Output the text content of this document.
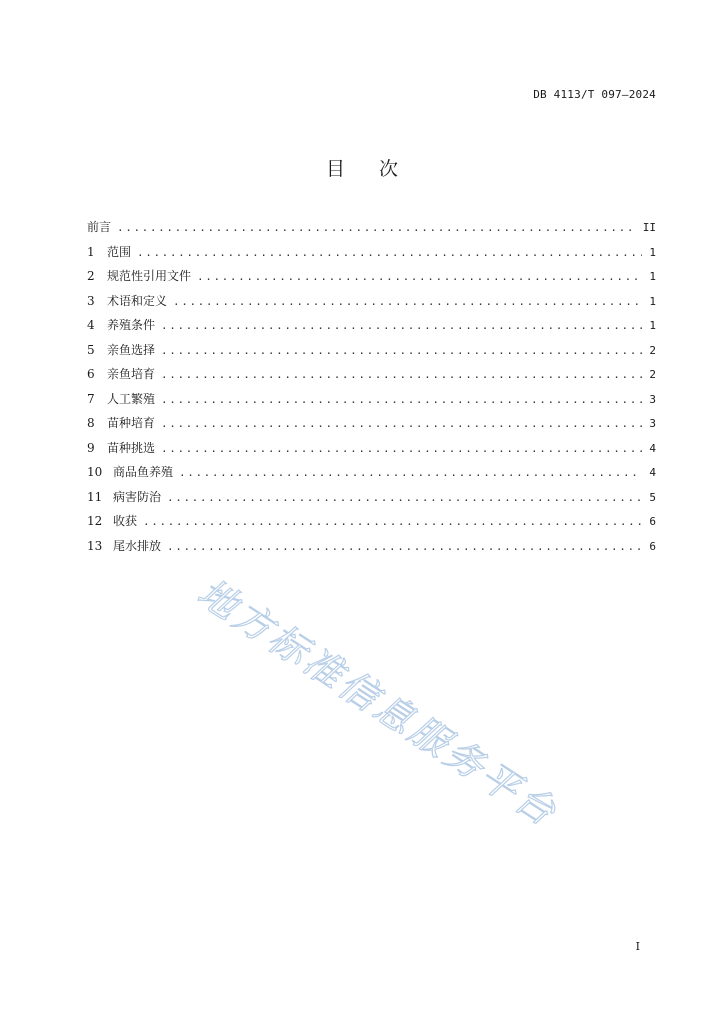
DB 4113/T 097—2024
目次
前言 .....	II
1	范围 .....	1
2	规范性引用文件 .....	1
3	术语和定义 .....	1
4	养殖条件 .....	1
5	亲鱼选择 .....	2
6	亲鱼培育 .....	2
7	人工繁殖 .....	3
8	苗种培育 .....	3
9	苗种挑选 .....	4
10 商品鱼养殖 .....	4
11 病害防治 .....	5
12 收获 .....	6
13 尾水排放 .....	6
地方标准信息服务平台
I
